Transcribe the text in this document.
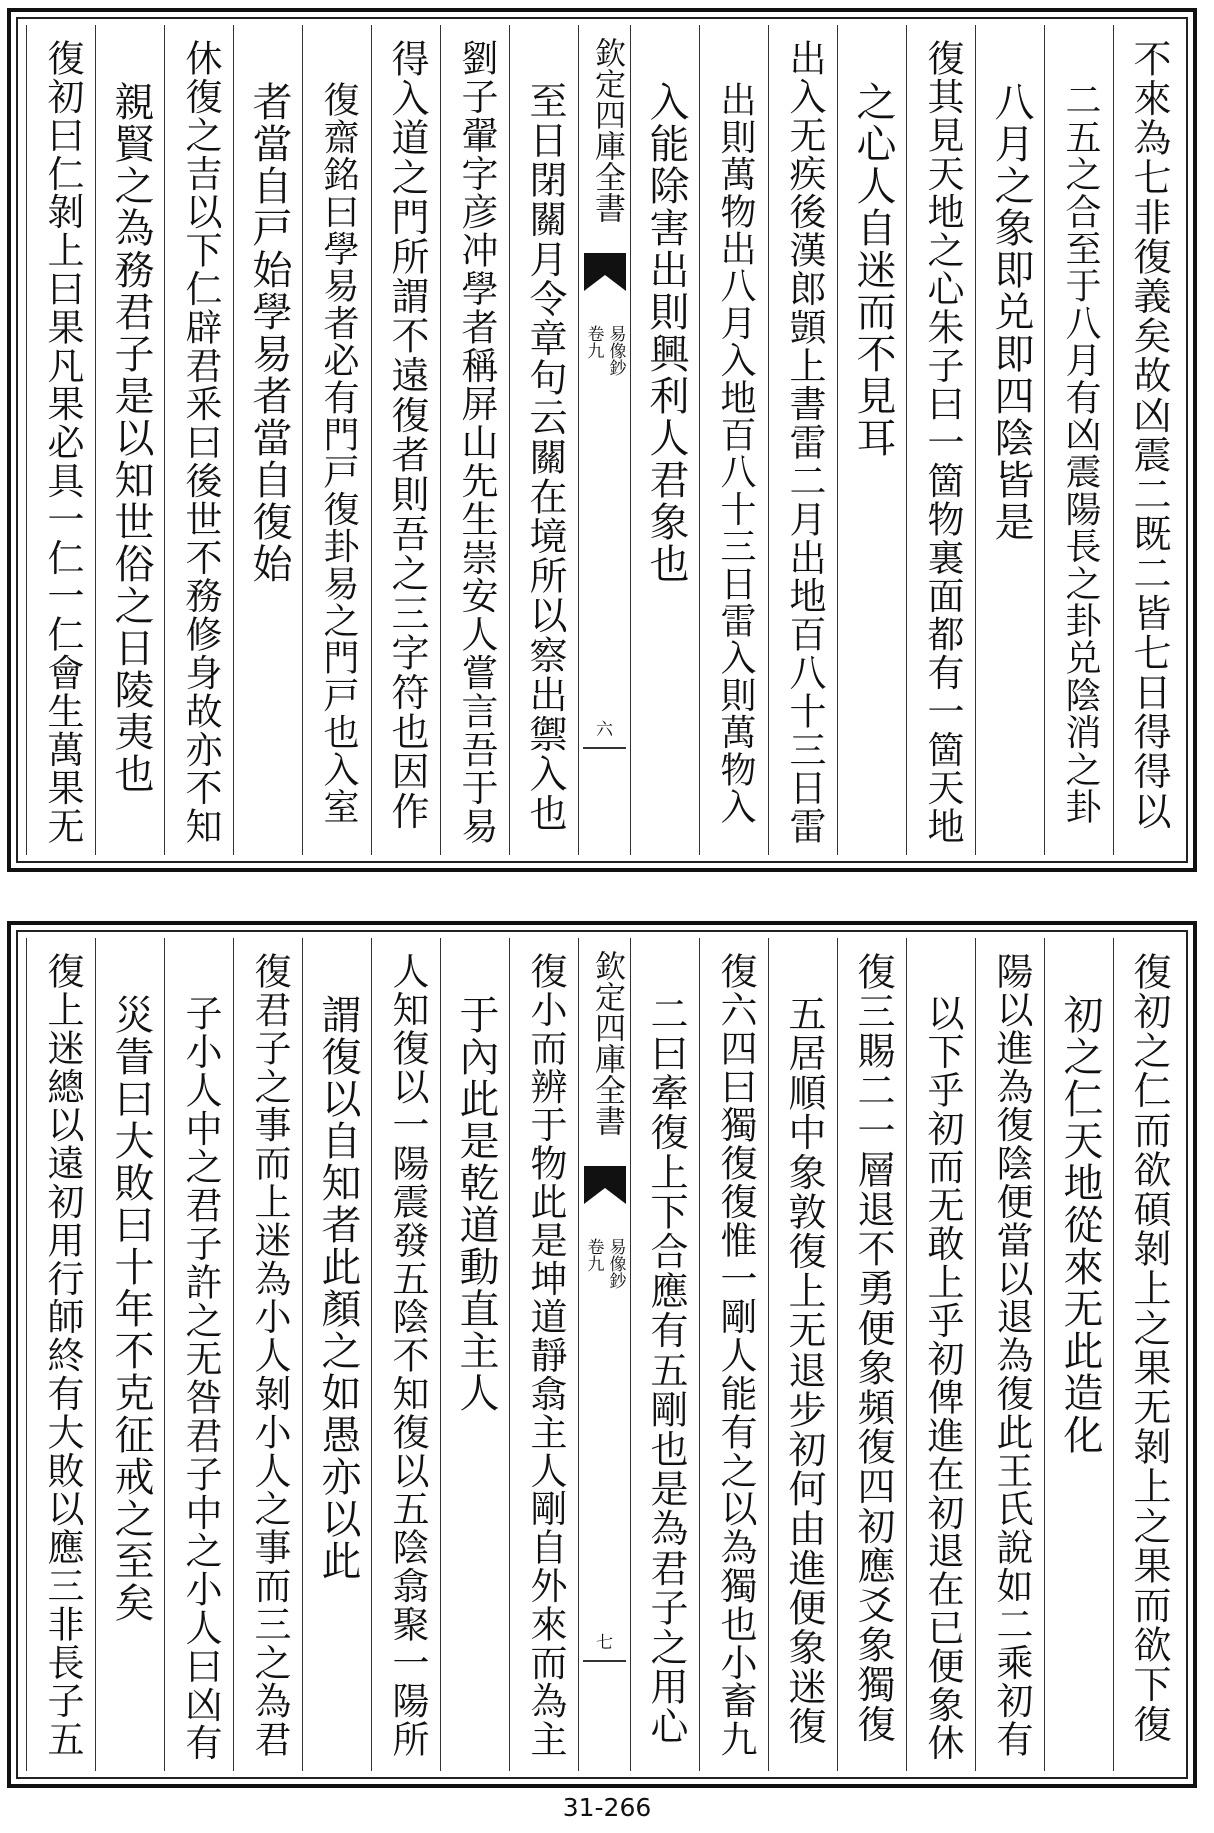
不來為七非復義矣故凶震二既二皆七日得得以
二五之合至于八月有凶震陽長之卦兑陰消之卦
八月之象即兑即四陰皆是
復其見天地之心朱子曰一箇物裏面都有一箇天地
之心人自迷而不見耳
出入无疾後漢郎顗上書雷二月出地百八十三日雷
出則萬物出八月入地百八十三日雷入則萬物入
入能除害出則興利人君象也
欽定四庫全書
易像鈔
卷九
六
至日閉關月令章句云關在境所以察出禦入也
劉子翬字彦冲學者稱屏山先生崇安人嘗言吾于易
得入道之門所謂不遠復者則吾之三字符也因作
復齋銘曰學易者必有門戸復卦易之門戸也入室
者當自戸始學易者當自復始
休復之吉以下仁辟君釆曰後世不務修身故亦不知
親賢之為務君子是以知世俗之日陵夷也
復初曰仁剝上曰果凡果必具一仁一仁會生萬果无
復初之仁而欲碩剝上之果无剝上之果而欲下復
初之仁天地從來无此造化
陽以進為復陰便當以退為復此王氏說如二乘初有
以下乎初而无敢上乎初俾進在初退在已便象休
復三賜二一層退不勇便象頻復四初應爻象獨復
五居順中象敦復上无退步初何由進便象迷復
復六四曰獨復復惟一剛人能有之以為獨也小畜九
二曰牽復上下合應有五剛也是為君子之用心
欽定四庫全書
易像鈔
卷九
七
復小而辨于物此是坤道靜翕主人剛自外來而為主
于內此是乾道動直主人
人知復以一陽震發五陰不知復以五陰翕聚一陽所
謂復以自知者此顏之如愚亦以此
復君子之事而上迷為小人剝小人之事而三之為君
子小人中之君子許之无咎君子中之小人曰凶有
災眚曰大敗曰十年不克征戒之至矣
復上迷總以遠初用行師終有大敗以應三非長子五
31-266
